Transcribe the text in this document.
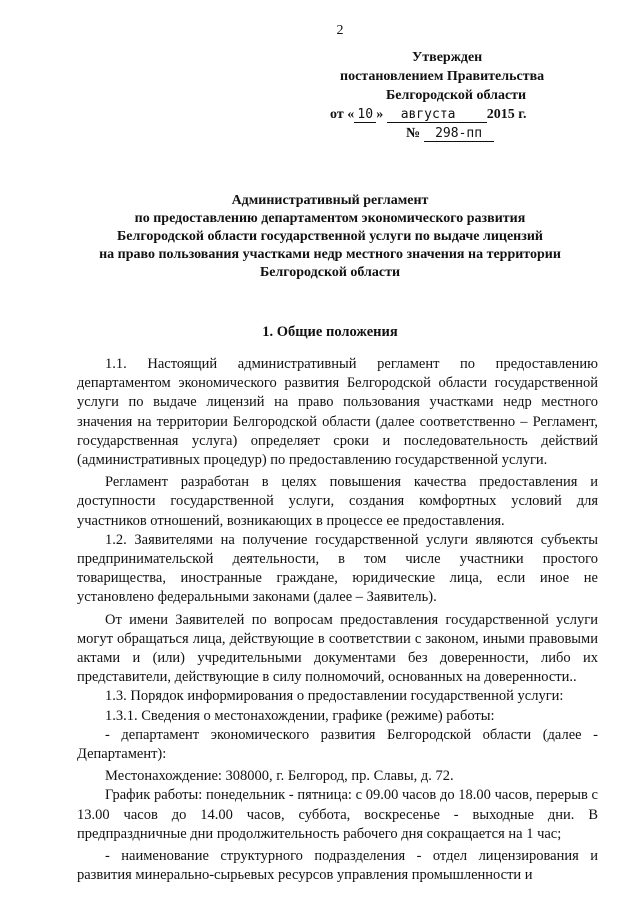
2
Утвержден
постановлением Правительства
Белгородской области
от « 10 » августа 2015 г.
№ 298-пп
Административный регламент
по предоставлению департаментом экономического развития
Белгородской области государственной услуги по выдаче лицензий
на право пользования участками недр местного значения на территории
Белгородской области
1. Общие положения

1.1. Настоящий административный регламент по предоставлению департаментом экономического развития Белгородской области государственной услуги по выдаче лицензий на право пользования участками недр местного значения на территории Белгородской области (далее соответственно – Регламент, государственная услуга) определяет сроки и последовательность действий (административных процедур) по предоставлению государственной услуги.

Регламент разработан в целях повышения качества предоставления и доступности государственной услуги, создания комфортных условий для участников отношений, возникающих в процессе ее предоставления.

1.2. Заявителями на получение государственной услуги являются субъекты предпринимательской деятельности, в том числе участники простого товарищества, иностранные граждане, юридические лица, если иное не установлено федеральными законами (далее – Заявитель).

От имени Заявителей по вопросам предоставления государственной услуги могут обращаться лица, действующие в соответствии с законом, иными правовыми актами и (или) учредительными документами без доверенности, либо их представители, действующие в силу полномочий, основанных на доверенности..

1.3. Порядок информирования о предоставлении государственной услуги:

1.3.1. Сведения о местонахождении, графике (режиме) работы:

- департамент экономического развития Белгородской области (далее - Департамент):

Местонахождение: 308000, г. Белгород, пр. Славы, д. 72.

График работы: понедельник - пятница: с 09.00 часов до 18.00 часов, перерыв с 13.00 часов до 14.00 часов, суббота, воскресенье - выходные дни. В предпраздничные дни продолжительность рабочего дня сокращается на 1 час;

- наименование структурного подразделения - отдел лицензирования и развития минерально-сырьевых ресурсов управления промышленности и
